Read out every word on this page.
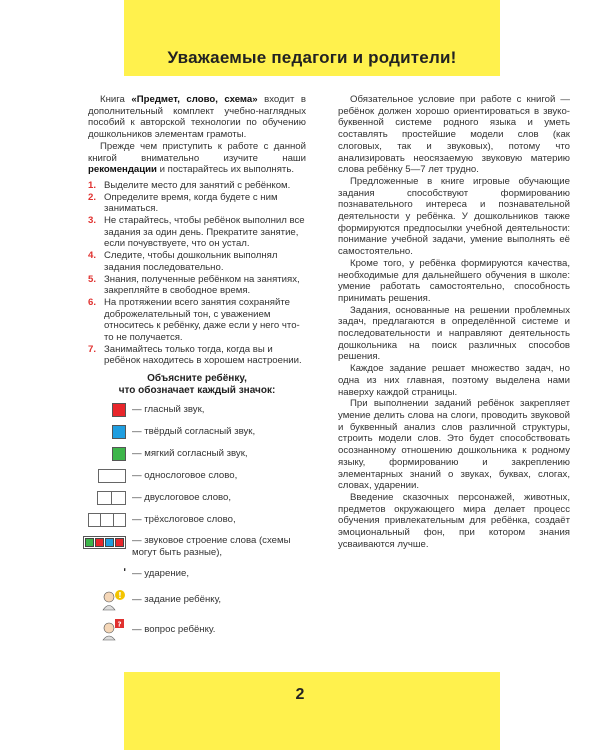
Уважаемые педагоги и родители!

Книга «Предмет, слово, схема» входит в дополнительный комплект учебно-наглядных пособий к авторской технологии по обучению дошкольников элементам грамоты.

Прежде чем приступить к работе с данной книгой внимательно изучите наши рекомендации и постарайтесь их выполнять.

1. Выделите место для занятий с ребёнком.
2. Определите время, когда будете с ним заниматься.
3. Не старайтесь, чтобы ребёнок выполнил все задания за один день. Прекратите занятие, если почувствуете, что он устал.
4. Следите, чтобы дошкольник выполнял задания последовательно.
5. Знания, полученные ребёнком на занятиях, закрепляйте в свободное время.
6. На протяжении всего занятия сохраняйте доброжелательный тон, с уважением относитесь к ребёнку, даже если у него что-то не получается.
7. Занимайтесь только тогда, когда вы и ребёнок находитесь в хорошем настроении.
Объясните ребёнку,
что обозначает каждый значок:
— гласный звук,
— твёрдый согласный звук,
— мягкий согласный звук,
— однослоговое слово,
— двуслоговое слово,
— трёхслоговое слово,
— звуковое строение слова (схемы могут быть разные),
ʹ — ударение,
! — задание ребёнку,
? — вопрос ребёнку.

Обязательное условие при работе с книгой — ребёнок должен хорошо ориентироваться в звуко-буквенной системе родного языка и уметь составлять простейшие модели слов (как слоговых, так и звуковых), потому что анализировать неосязаемую звуковую материю слова ребёнку 5—7 лет трудно.

Предложенные в книге игровые обучающие задания способствуют формированию познавательного интереса и познавательной деятельности у ребёнка. У дошкольников также формируются предпосылки учебной деятельности: понимание учебной задачи, умение выполнять её самостоятельно.

Кроме того, у ребёнка формируются качества, необходимые для дальнейшего обучения в школе: умение работать самостоятельно, способность принимать решения.

Задания, основанные на решении проблемных задач, предлагаются в определённой системе и последовательности и направляют деятельность дошкольника на поиск различных способов решения.

Каждое задание решает множество задач, но одна из них главная, поэтому выделена нами наверху каждой страницы.

При выполнении заданий ребёнок закрепляет умение делить слова на слоги, проводить звуковой и буквенный анализ слов различной структуры, строить модели слов. Это будет способствовать осознанному отношению дошкольника к родному языку, формированию и закреплению элементарных знаний о звуках, буквах, слогах, словах, ударении.

Введение сказочных персонажей, животных, предметов окружающего мира делает процесс обучения привлекательным для ребёнка, создаёт эмоциональный фон, при котором знания усваиваются лучше.

2
